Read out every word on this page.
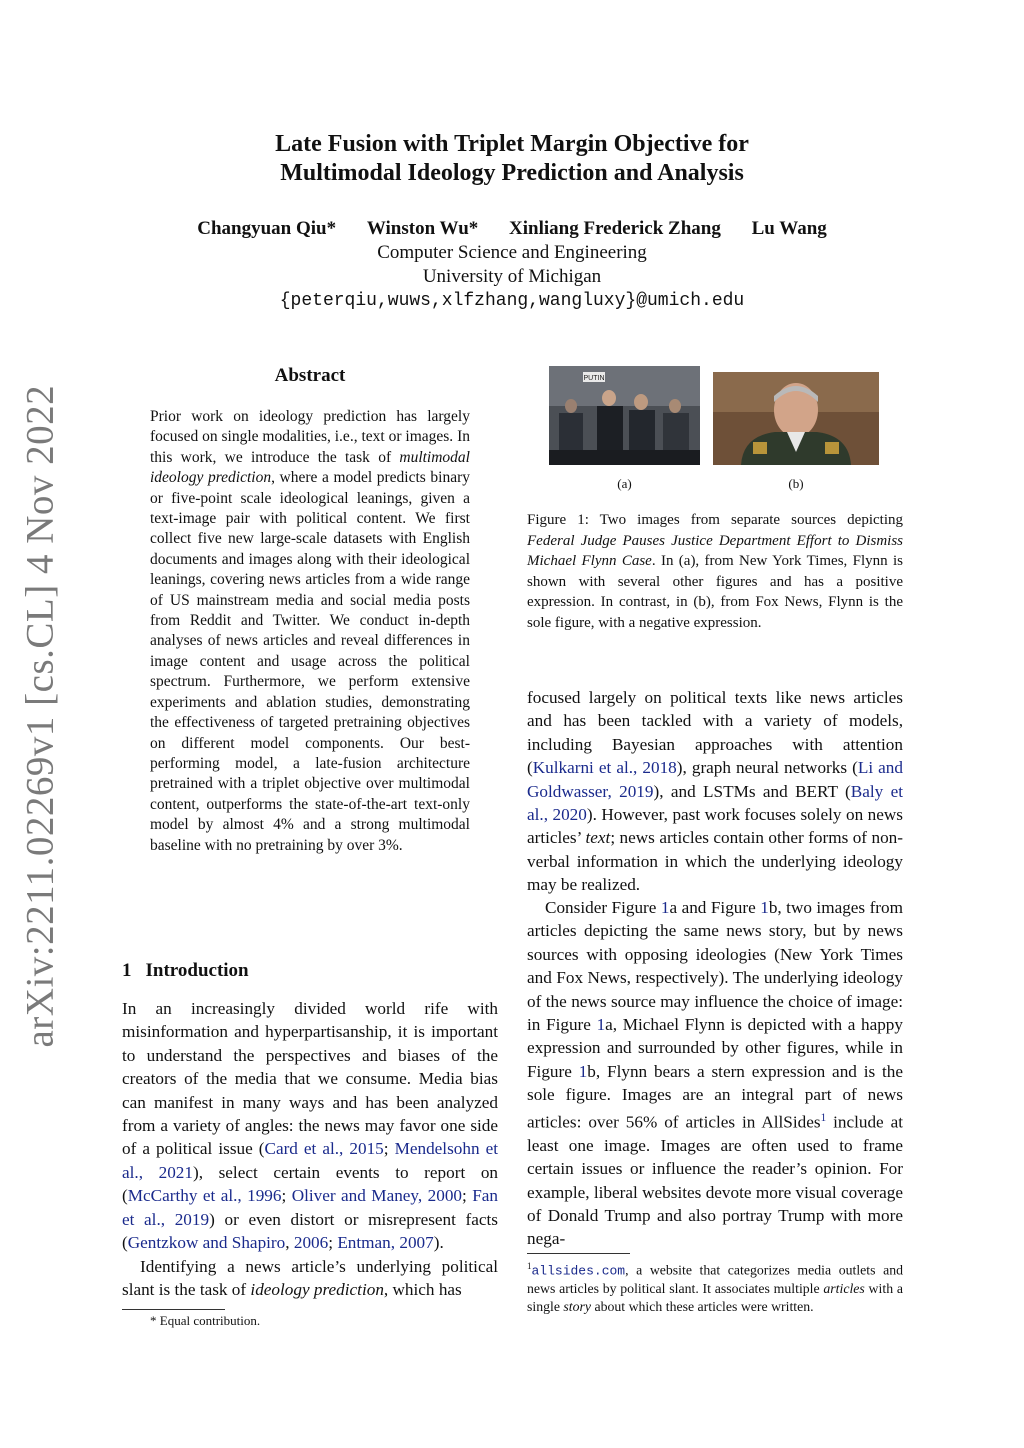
arXiv:2211.02269v1 [cs.CL] 4 Nov 2022
Late Fusion with Triplet Margin Objective for
Multimodal Ideology Prediction and Analysis
Changyuan Qiu* Winston Wu* Xinliang Frederick Zhang Lu Wang
Computer Science and Engineering
University of Michigan
{peterqiu,wuws,xlfzhang,wangluxy}@umich.edu
Abstract
Prior work on ideology prediction has largely focused on single modalities, i.e., text or images. In this work, we introduce the task of multimodal ideology prediction, where a model predicts binary or five-point scale ideological leanings, given a text-image pair with political content. We first collect five new large-scale datasets with English documents and images along with their ideological leanings, covering news articles from a wide range of US mainstream media and social media posts from Reddit and Twitter. We conduct in-depth analyses of news articles and reveal differences in image content and usage across the political spectrum. Furthermore, we perform extensive experiments and ablation studies, demonstrating the effectiveness of targeted pretraining objectives on different model components. Our best-performing model, a late-fusion architecture pretrained with a triplet objective over multimodal content, outperforms the state-of-the-art text-only model by almost 4% and a strong multimodal baseline with no pretraining by over 3%.
1 Introduction
In an increasingly divided world rife with misinformation and hyperpartisanship, it is important to understand the perspectives and biases of the creators of the media that we consume. Media bias can manifest in many ways and has been analyzed from a variety of angles: the news may favor one side of a political issue (Card et al., 2015; Mendelsohn et al., 2021), select certain events to report on (McCarthy et al., 1996; Oliver and Maney, 2000; Fan et al., 2019) or even distort or misrepresent facts (Gentzkow and Shapiro, 2006; Entman, 2007).
Identifying a news article’s underlying political slant is the task of ideology prediction, which has
* Equal contribution.
PUTIN
(a)	(b)
Figure 1: Two images from separate sources depicting Federal Judge Pauses Justice Department Effort to Dismiss Michael Flynn Case. In (a), from New York Times, Flynn is shown with several other figures and has a positive expression. In contrast, in (b), from Fox News, Flynn is the sole figure, with a negative expression.
focused largely on political texts like news articles and has been tackled with a variety of models, including Bayesian approaches with attention (Kulkarni et al., 2018), graph neural networks (Li and Goldwasser, 2019), and LSTMs and BERT (Baly et al., 2020). However, past work focuses solely on news articles’ text; news articles contain other forms of non-verbal information in which the underlying ideology may be realized.
Consider Figure 1a and Figure 1b, two images from articles depicting the same news story, but by news sources with opposing ideologies (New York Times and Fox News, respectively). The underlying ideology of the news source may influence the choice of image: in Figure 1a, Michael Flynn is depicted with a happy expression and surrounded by other figures, while in Figure 1b, Flynn bears a stern expression and is the sole figure. Images are an integral part of news articles: over 56% of articles in AllSides$^1$ include at least one image. Images are often used to frame certain issues or influence the reader’s opinion. For example, liberal websites devote more visual coverage of Donald Trump and also portray Trump with more nega-
$^1$allsides.com, a website that categorizes media outlets and news articles by political slant. It associates multiple articles with a single story about which these articles were written.
